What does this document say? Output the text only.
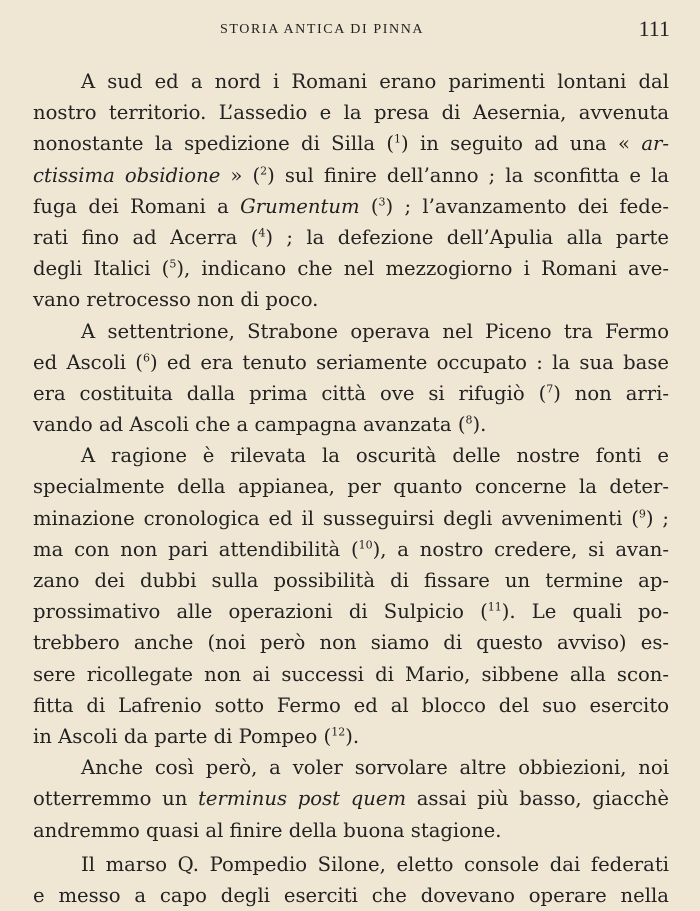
STORIA ANTICA DI PINNA	111
A sud ed a nord i Romani erano parimenti lontani dal
nostro territorio. L’assedio e la presa di Aesernia, avvenuta
nonostante la spedizione di Silla ($^1$) in seguito ad una « ar-
ctissima obsidione » ($^2$) sul finire dell’anno ; la sconfitta e la
fuga dei Romani a Grumentum ($^3$) ; l’avanzamento dei fede-
rati fino ad Acerra ($^4$) ; la defezione dell’Apulia alla parte
degli Italici ($^5$), indicano che nel mezzogiorno i Romani ave-
vano retrocesso non di poco.
A settentrione, Strabone operava nel Piceno tra Fermo
ed Ascoli ($^6$) ed era tenuto seriamente occupato : la sua base
era costituita dalla prima città ove si rifugiò ($^7$) non arri-
vando ad Ascoli che a campagna avanzata ($^8$).
A ragione è rilevata la oscurità delle nostre fonti e
specialmente della appianea, per quanto concerne la deter-
minazione cronologica ed il susseguirsi degli avvenimenti ($^9$) ;
ma con non pari attendibilità ($^{10}$), a nostro credere, si avan-
zano dei dubbi sulla possibilità di fissare un termine ap-
prossimativo alle operazioni di Sulpicio ($^{11}$). Le quali po-
trebbero anche (noi però non siamo di questo avviso) es-
sere ricollegate non ai successi di Mario, sibbene alla scon-
fitta di Lafrenio sotto Fermo ed al blocco del suo esercito
in Ascoli da parte di Pompeo ($^{12}$).
Anche così però, a voler sorvolare altre obbiezioni, noi
otterremmo un terminus post quem assai più basso, giacchè
andremmo quasi al finire della buona stagione.
Il marso Q. Pompedio Silone, eletto console dai federati
e messo a capo degli eserciti che dovevano operare nella
